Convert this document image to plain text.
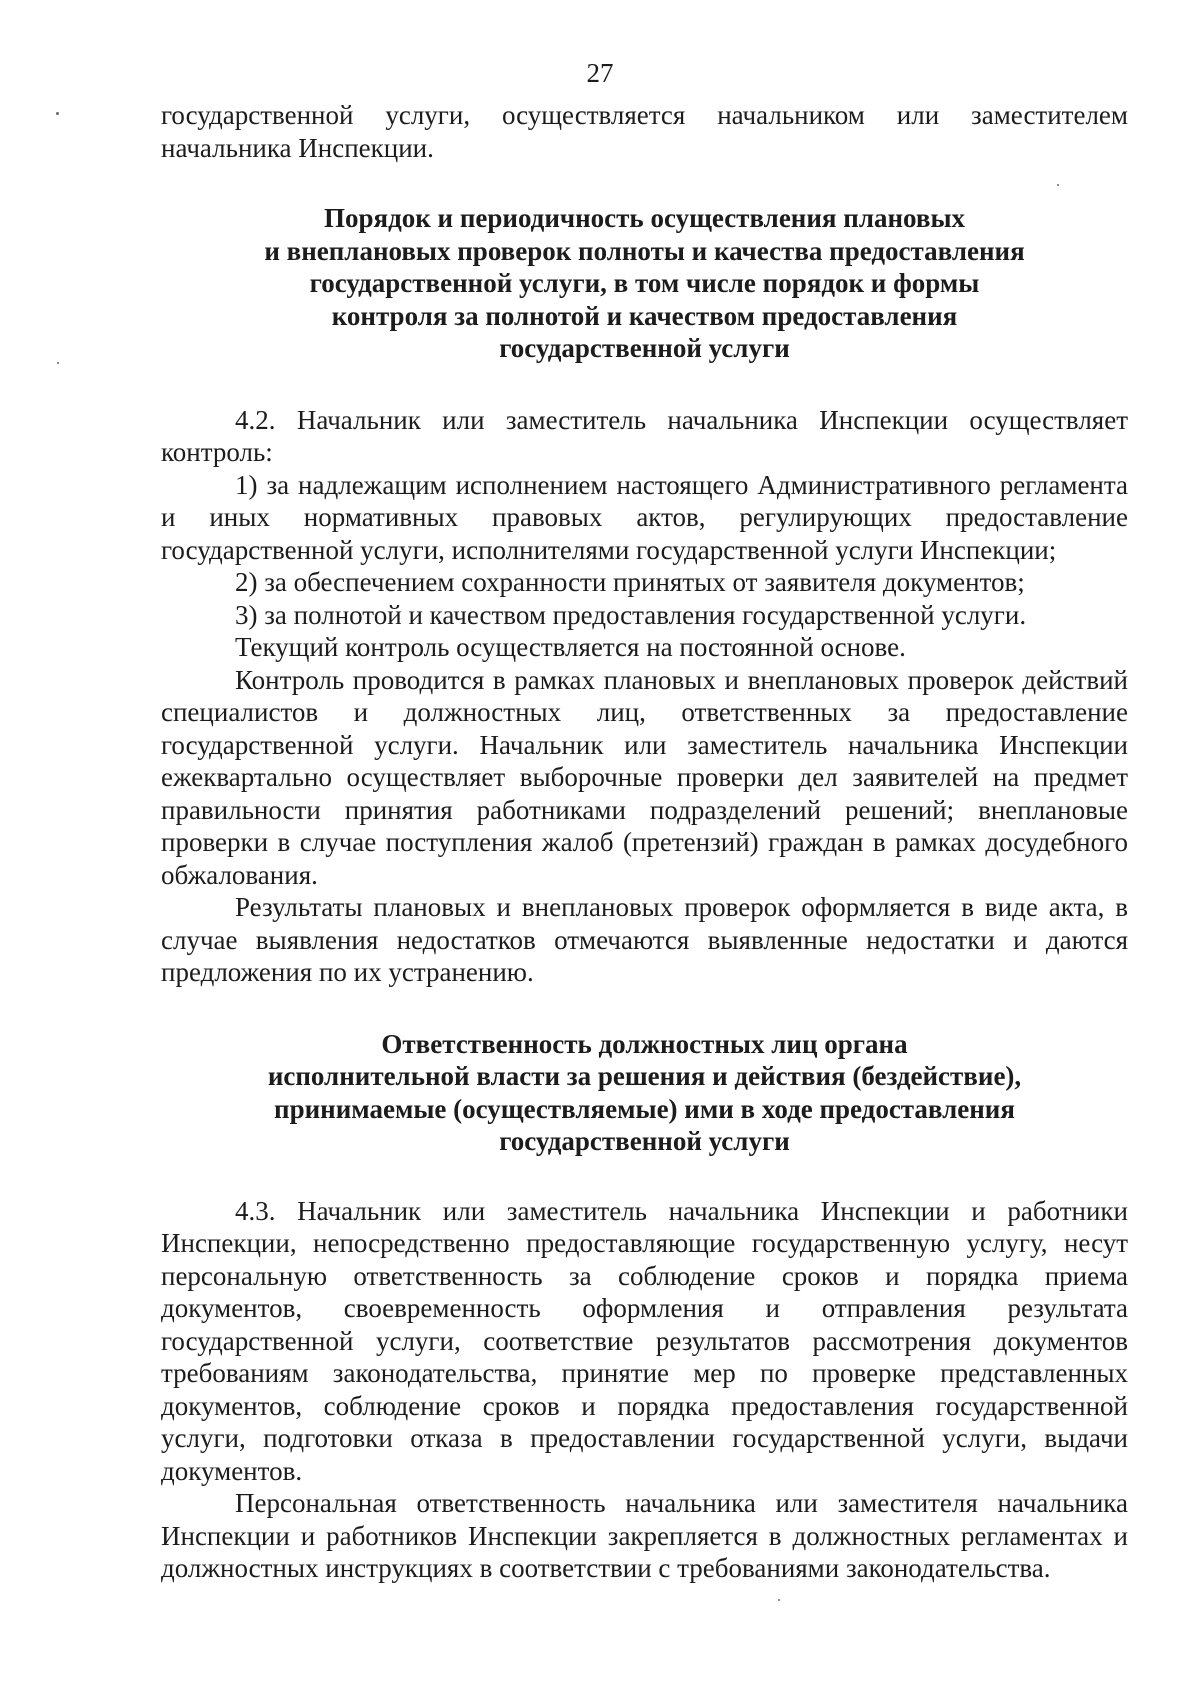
27

государственной услуги, осуществляется начальником или заместителем начальника Инспекции.

Порядок и периодичность осуществления плановых
и внеплановых проверок полноты и качества предоставления
государственной услуги, в том числе порядок и формы
контроля за полнотой и качеством предоставления
государственной услуги

4.2. Начальник или заместитель начальника Инспекции осуществляет контроль:

1) за надлежащим исполнением настоящего Административного регламента и иных нормативных правовых актов, регулирующих предоставление государственной услуги, исполнителями государственной услуги Инспекции;

2) за обеспечением сохранности принятых от заявителя документов;

3) за полнотой и качеством предоставления государственной услуги.

Текущий контроль осуществляется на постоянной основе.

Контроль проводится в рамках плановых и внеплановых проверок действий специалистов и должностных лиц, ответственных за предоставление государственной услуги. Начальник или заместитель начальника Инспекции ежеквартально осуществляет выборочные проверки дел заявителей на предмет правильности принятия работниками подразделений решений; внеплановые проверки в случае поступления жалоб (претензий) граждан в рамках досудебного обжалования.

Результаты плановых и внеплановых проверок оформляется в виде акта, в случае выявления недостатков отмечаются выявленные недостатки и даются предложения по их устранению.

Ответственность должностных лиц органа
исполнительной власти за решения и действия (бездействие),
принимаемые (осуществляемые) ими в ходе предоставления
государственной услуги

4.3. Начальник или заместитель начальника Инспекции и работники Инспекции, непосредственно предоставляющие государственную услугу, несут персональную ответственность за соблюдение сроков и порядка приема документов, своевременность оформления и отправления результата государственной услуги, соответствие результатов рассмотрения документов требованиям законодательства, принятие мер по проверке представленных документов, соблюдение сроков и порядка предоставления государственной услуги, подготовки отказа в предоставлении государственной услуги, выдачи документов.

Персональная ответственность начальника или заместителя начальника Инспекции и работников Инспекции закрепляется в должностных регламентах и должностных инструкциях в соответствии с требованиями законодательства.
